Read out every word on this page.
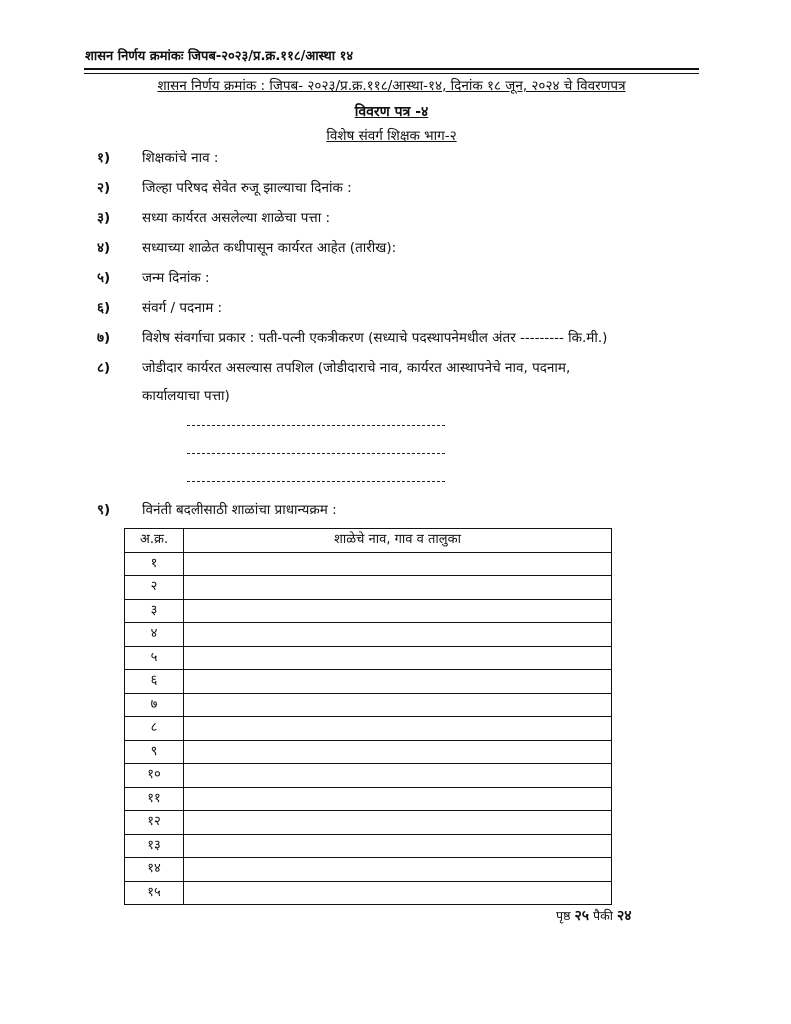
शासन निर्णय क्रमांकः जिपब-२०२३/प्र.क्र.११८/आस्था १४
शासन निर्णय क्रमांक : जिपब- २०२३/प्र.क्र.११८/आस्था-१४, दिनांक १८ जून, २०२४ चे विवरणपत्र
विवरण पत्र -४
विशेष संवर्ग शिक्षक भाग-२
१) शिक्षकांचे नाव :
२) जिल्हा परिषद सेवेत रुजू झाल्याचा दिनांक :
३) सध्या कार्यरत असलेल्या शाळेचा पत्ता :
४) सध्याच्या शाळेत कधीपासून कार्यरत आहेत (तारीख):
५) जन्म दिनांक :
६) संवर्ग / पदनाम :
७) विशेष संवर्गाचा प्रकार : पती-पत्नी एकत्रीकरण (सध्याचे पदस्थापनेमधील अंतर --------- कि.मी.)
८) जोडीदार कार्यरत असल्यास तपशिल (जोडीदाराचे नाव, कार्यरत आस्थापनेचे नाव, पदनाम,
कार्यालयाचा पत्ता)
९) विनंती बदलीसाठी शाळांचा प्राधान्यक्रम :
अ.क्र.	शाळेचे नाव, गाव व तालुका
१	
२	
३	
४	
५	
६	
७	
८	
९	
१०	
११	
१२	
१३	
१४	
१५	
पृष्ठ २५ पैकी २४
